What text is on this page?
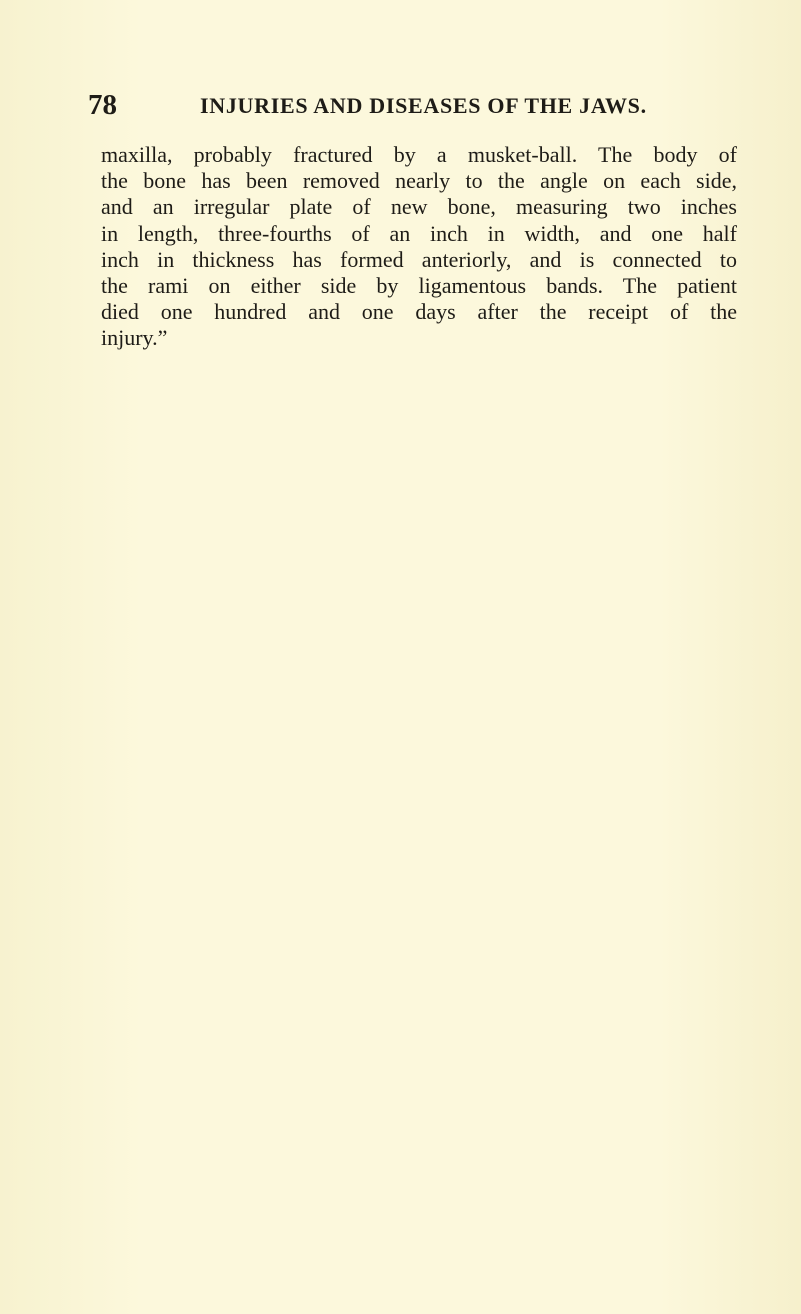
78	INJURIES AND DISEASES OF THE JAWS.
maxilla, probably fractured by a musket-ball. The body of
the bone has been removed nearly to the angle on each side,
and an irregular plate of new bone, measuring two inches
in length, three-fourths of an inch in width, and one half
inch in thickness has formed anteriorly, and is connected to
the rami on either side by ligamentous bands. The patient
died one hundred and one days after the receipt of the
injury.”
